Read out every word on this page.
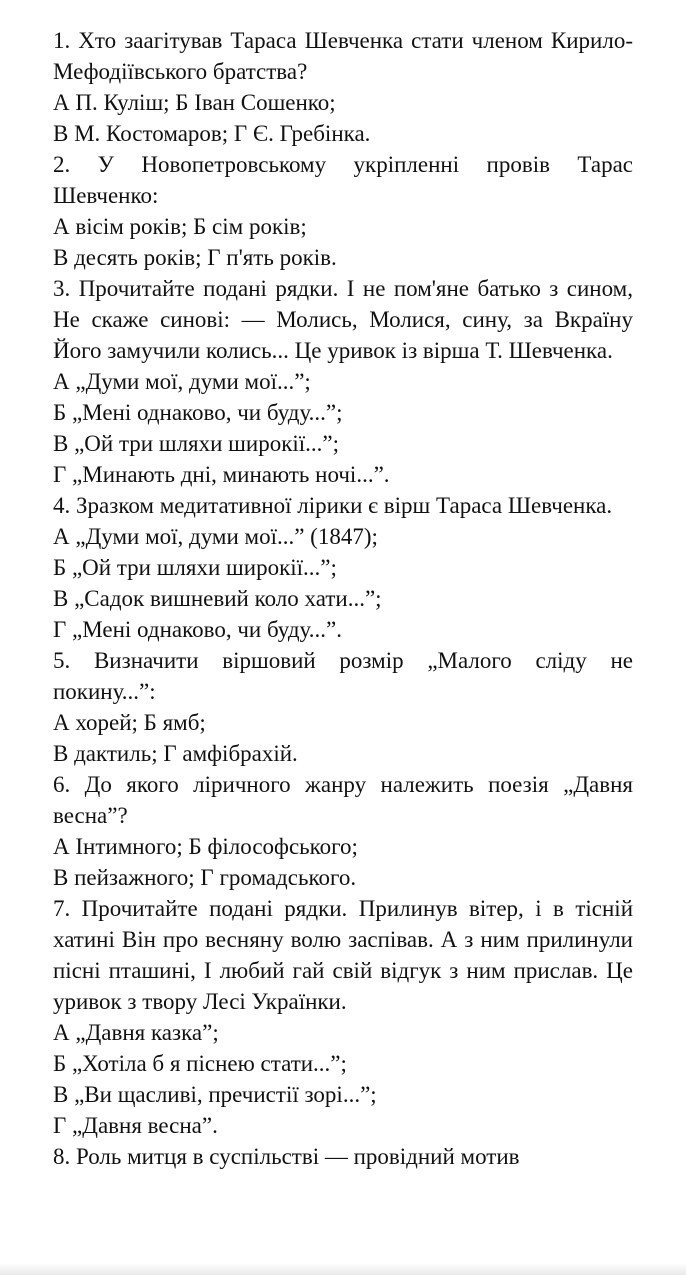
1. Хто заагітував Тараса Шевченка стати членом Кирило-Мефодіївського братства?

А П. Куліш; Б Іван Сошенко;

В М. Костомаров; Г Є. Гребінка.

2. У Новопетровському укріпленні провів Тарас Шевченко:

А вісім років; Б сім років;

В десять років; Г п'ять років.

3. Прочитайте подані рядки. І не пом'яне батько з сином, Не скаже синові: — Молись, Молися, сину, за Вкраїну Його замучили колись... Це уривок із вірша Т. Шевченка.

А „Думи мої, думи мої...”;

Б „Мені однаково, чи буду...”;

В „Ой три шляхи широкії...”;

Г „Минають дні, минають ночі...”.

4. Зразком медитативної лірики є вірш Тараса Шевченка.

А „Думи мої, думи мої...” (1847);

Б „Ой три шляхи широкії...”;

В „Садок вишневий коло хати...”;

Г „Мені однаково, чи буду...”.

5. Визначити віршовий розмір „Малого сліду не покину...”:

А хорей; Б ямб;

В дактиль; Г амфібрахій.

6. До якого ліричного жанру належить поезія „Давня весна”?

А Інтимного; Б філософського;

В пейзажного; Г громадського.

7. Прочитайте подані рядки. Прилинув вітер, і в тісній хатині Він про весняну волю заспівав. А з ним прилинули пісні пташині, І любий гай свій відгук з ним прислав. Це уривок з твору Лесі Українки.

А „Давня казка”;

Б „Хотіла б я піснею стати...”;

В „Ви щасливі, пречистії зорі...”;

Г „Давня весна”.

8. Роль митця в суспільстві — провідний мотив
